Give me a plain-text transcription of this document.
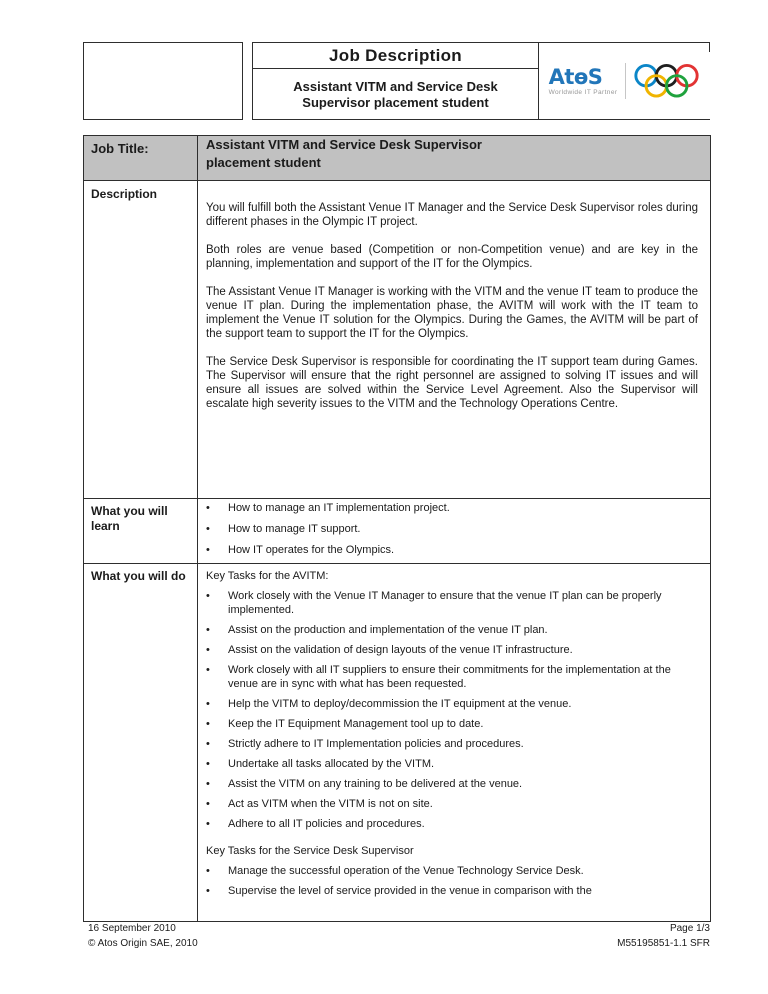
Job Description
Assistant VITM and Service Desk
Supervisor placement student
AtɵS
Worldwide IT Partner
Job Title:	Assistant VITM and Service Desk Supervisor
placement student
Description

You will fulfill both the Assistant Venue IT Manager and the Service Desk Supervisor roles during different phases in the Olympic IT project.

Both roles are venue based (Competition or non-Competition venue) and are key in the planning, implementation and support of the IT for the Olympics.

The Assistant Venue IT Manager is working with the VITM and the venue IT team to produce the venue IT plan. During the implementation phase, the AVITM will work with the IT team to implement the Venue IT solution for the Olympics. During the Games, the AVITM will be part of the support team to support the IT for the Olympics.

The Service Desk Supervisor is responsible for coordinating the IT support team during Games. The Supervisor will ensure that the right personnel are assigned to solving IT issues and will ensure all issues are solved within the Service Level Agreement. Also the Supervisor will escalate high severity issues to the VITM and the Technology Operations Centre.

What you will learn
•	How to manage an IT implementation project.
•	How to manage IT support.
•	How IT operates for the Olympics.
What you will do	Key Tasks for the AVITM:
•	Work closely with the Venue IT Manager to ensure that the venue IT plan can be properly implemented.
•	Assist on the production and implementation of the venue IT plan.
•	Assist on the validation of design layouts of the venue IT infrastructure.
•	Work closely with all IT suppliers to ensure their commitments for the implementation at the venue are in sync with what has been requested.
•	Help the VITM to deploy/decommission the IT equipment at the venue.
•	Keep the IT Equipment Management tool up to date.
•	Strictly adhere to IT Implementation policies and procedures.
•	Undertake all tasks allocated by the VITM.
•	Assist the VITM on any training to be delivered at the venue.
•	Act as VITM when the VITM is not on site.
•	Adhere to all IT policies and procedures.
Key Tasks for the Service Desk Supervisor
•	Manage the successful operation of the Venue Technology Service Desk.
•	Supervise the level of service provided in the venue in comparison with the
16 September 2010
© Atos Origin SAE, 2010
Page 1/3
M55195851-1.1 SFR
